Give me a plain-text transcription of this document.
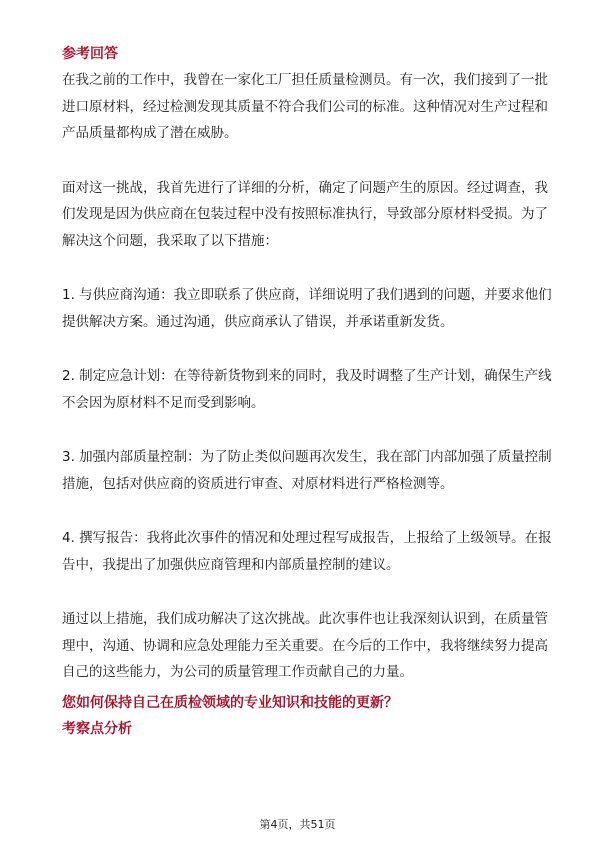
参考回答

在我之前的工作中，我曾在一家化工厂担任质量检测员。有一次，我们接到了一批
进口原材料，经过检测发现其质量不符合我们公司的标准。这种情况对生产过程和
产品质量都构成了潜在威胁。

面对这一挑战，我首先进行了详细的分析，确定了问题产生的原因。经过调查，我
们发现是因为供应商在包装过程中没有按照标准执行，导致部分原材料受损。为了
解决这个问题，我采取了以下措施：

1. 与供应商沟通：我立即联系了供应商，详细说明了我们遇到的问题，并要求他们
提供解决方案。通过沟通，供应商承认了错误，并承诺重新发货。

2. 制定应急计划：在等待新货物到来的同时，我及时调整了生产计划，确保生产线
不会因为原材料不足而受到影响。

3. 加强内部质量控制：为了防止类似问题再次发生，我在部门内部加强了质量控制
措施，包括对供应商的资质进行审查、对原材料进行严格检测等。

4. 撰写报告：我将此次事件的情况和处理过程写成报告，上报给了上级领导。在报
告中，我提出了加强供应商管理和内部质量控制的建议。

通过以上措施，我们成功解决了这次挑战。此次事件也让我深刻认识到，在质量管
理中，沟通、协调和应急处理能力至关重要。在今后的工作中，我将继续努力提高
自己的这些能力，为公司的质量管理工作贡献自己的力量。

您如何保持自己在质检领域的专业知识和技能的更新？

考察点分析

第4页，共51页
